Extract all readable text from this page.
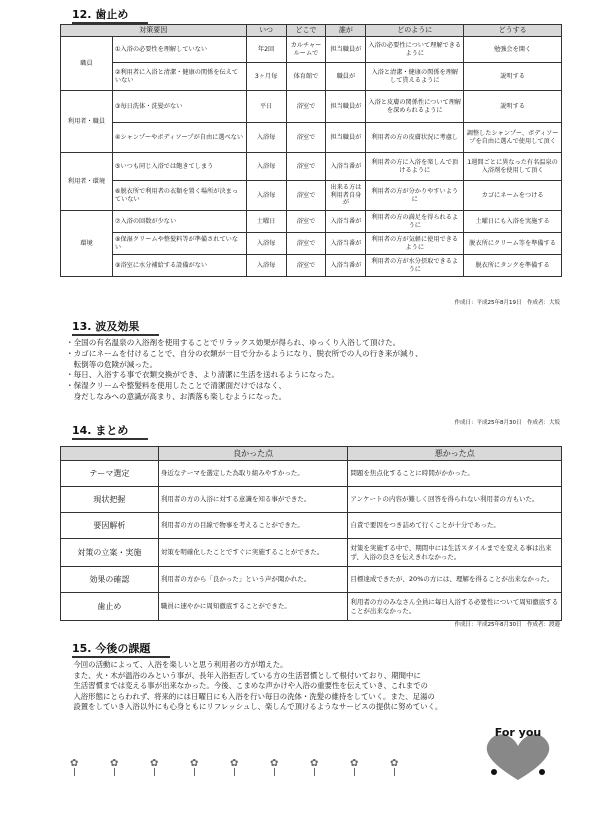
12. 歯止め
対策要因		いつ	どこで	誰が	どのように	どうする
職員	①入浴の必要性を理解していない	年2回	カルチャールームで	担当職員が	入浴の必要性について理解できるように	勉強会を開く
	②利用者に入浴と清潔・健康の関係を伝えていない	3ヶ月毎	体育館で	職員が	入浴と清潔・健康の関係を理解して貰えるように	説明する
利用者・職員	③毎日洗体・洗髪がない	平日	浴室で	担当職員が	入浴と皮膚の関係性について理解を深められるように	説明する
	④シャンプーやボディソープが自由に選べない	入浴毎	浴室で	担当職員が	利用者の方の皮膚状況に考慮し	調整したシャンプー、ボディソープを自由に選んで使用して頂く
利用者・環境	⑤いつも同じ入浴では飽きてしまう	入浴毎	浴室で	入浴当番が	利用者の方に入浴を楽しんで頂けるように	1週間ごとに異なった有名温泉の入浴剤を使用して頂く
	⑥脱衣所で利用者の衣類を置く場所が決まっていない	入浴毎	浴室で	出来る方は利用者自身が	利用者の方が分かりやすいように	カゴにネームをつける
環境	⑦入浴の回数が少ない	土曜日	浴室で	入浴当番が	利用者の方の満足を得られるように	土曜日にも入浴を実施する
	⑧保湿クリームや整髪料等が準備されていない	入浴毎	浴室で	入浴当番が	利用者の方が気軽に使用できるように	脱衣所にクリーム等を準備する
	⑨浴室に水分補給する設備がない	入浴毎	浴室で	入浴当番が	利用者の方が水分摂取できるように	脱衣所にタンクを準備する
作成日：平成25年8月19日　作成者：大坂
13. 波及効果
・全国の有名温泉の入浴剤を使用することでリラックス効果が得られ、ゆっくり入浴して頂けた。
・カゴにネームを付けることで、自分の衣類が一目で分かるようになり、脱衣所での人の行き来が減り、
　転倒等の危険が減った。
・毎日、入浴する事で衣類交換ができ、より清潔に生活を送れるようになった。
・保湿クリームや整髪料を使用したことで清潔面だけではなく、
　身だしなみへの意識が高まり、お洒落も楽しむようになった。
作成日：平成25年8月30日　作成者：大坂
14. まとめ
	良かった点	悪かった点
テーマ選定	身近なテーマを選定した為取り組みやすかった。	問題を焦点化することに時間がかかった。
現状把握	利用者の方の入浴に対する意識を知る事ができた。	アンケートの内容が難しく回答を得られない利用者の方もいた。
要因解析	利用者の方の目線で物事を考えることができた。	自責で要因をつき詰めて行くことが十分であった。
対策の立案・実施	対策を明確化したことですぐに実施することができた。	対策を実施する中で、期間中には生活スタイルまでを変える事は出来ず、入浴の良さを伝えきれなかった。
効果の確認	利用者の方から「良かった」という声が聞かれた。	目標達成できたが、20%の方には、理解を得ることが出来なかった。
歯止め	職員に速やかに周知徹底することができた。	利用者の方のみなさん全員に毎日入浴する必要性について周知徹底することが出来なかった。
作成日：平成25年8月30日　作成者：渡邉
15. 今後の課題
　今回の活動によって、入浴を楽しいと思う利用者の方が増えた。
　また、火・木が温浴のみという事が、長年入浴拒否している方の生活習慣として根付いており、期間中に
　生活習慣までは変える事が出来なかった。今後、こまめな声かけや入浴の重要性を伝えていき、これまでの
　入浴形態にとらわれず、将来的には日曜日にも入浴を行い毎日の洗体・洗髪の維持をしていく。また、足湯の
　設置をしていき入浴以外にも心身ともにリフレッシュし、楽しんで頂けるようなサービスの提供に努めていく。
✿
✿
✿
✿
✿
✿
✿
✿
✿
For you
